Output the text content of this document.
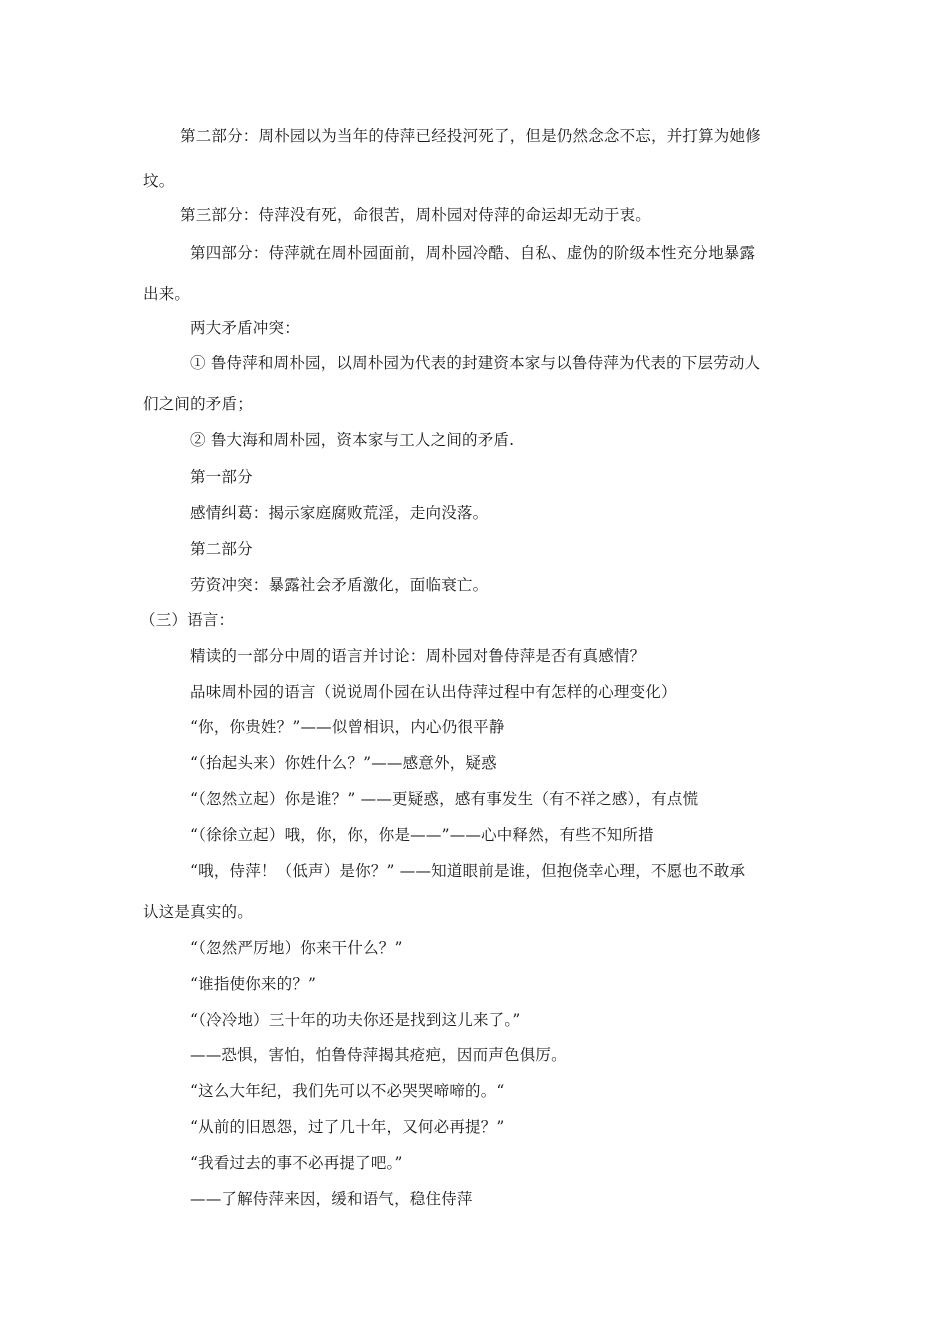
第二部分：周朴园以为当年的侍萍已经投河死了，但是仍然念念不忘，并打算为她修
坟。
第三部分：侍萍没有死，命很苦，周朴园对侍萍的命运却无动于衷。
第四部分：侍萍就在周朴园面前，周朴园冷酷、自私、虚伪的阶级本性充分地暴露
出来。
两大矛盾冲突：
① 鲁侍萍和周朴园，以周朴园为代表的封建资本家与以鲁侍萍为代表的下层劳动人
们之间的矛盾；
② 鲁大海和周朴园，资本家与工人之间的矛盾.
第一部分
感情纠葛：揭示家庭腐败荒淫，走向没落。
第二部分
劳资冲突：暴露社会矛盾激化，面临衰亡。
（三）语言：
精读的一部分中周的语言并讨论：周朴园对鲁侍萍是否有真感情？
品味周朴园的语言（说说周仆园在认出侍萍过程中有怎样的心理变化）
“你，你贵姓？”——似曾相识，内心仍很平静
“（抬起头来）你姓什么？”——感意外，疑惑
“（忽然立起）你是谁？” ——更疑惑，感有事发生（有不祥之感），有点慌
“（徐徐立起）哦，你，你，你是——”——心中释然，有些不知所措
“哦，侍萍！（低声）是你？” ——知道眼前是谁，但抱侥幸心理，不愿也不敢承
认这是真实的。
“（忽然严厉地）你来干什么？”
“谁指使你来的？”
“（冷冷地）三十年的功夫你还是找到这儿来了。”
——恐惧，害怕，怕鲁侍萍揭其疮疤，因而声色俱厉。
“这么大年纪，我们先可以不必哭哭啼啼的。“
“从前的旧恩怨，过了几十年，又何必再提？”
“我看过去的事不必再提了吧。”
——了解侍萍来因，缓和语气，稳住侍萍
